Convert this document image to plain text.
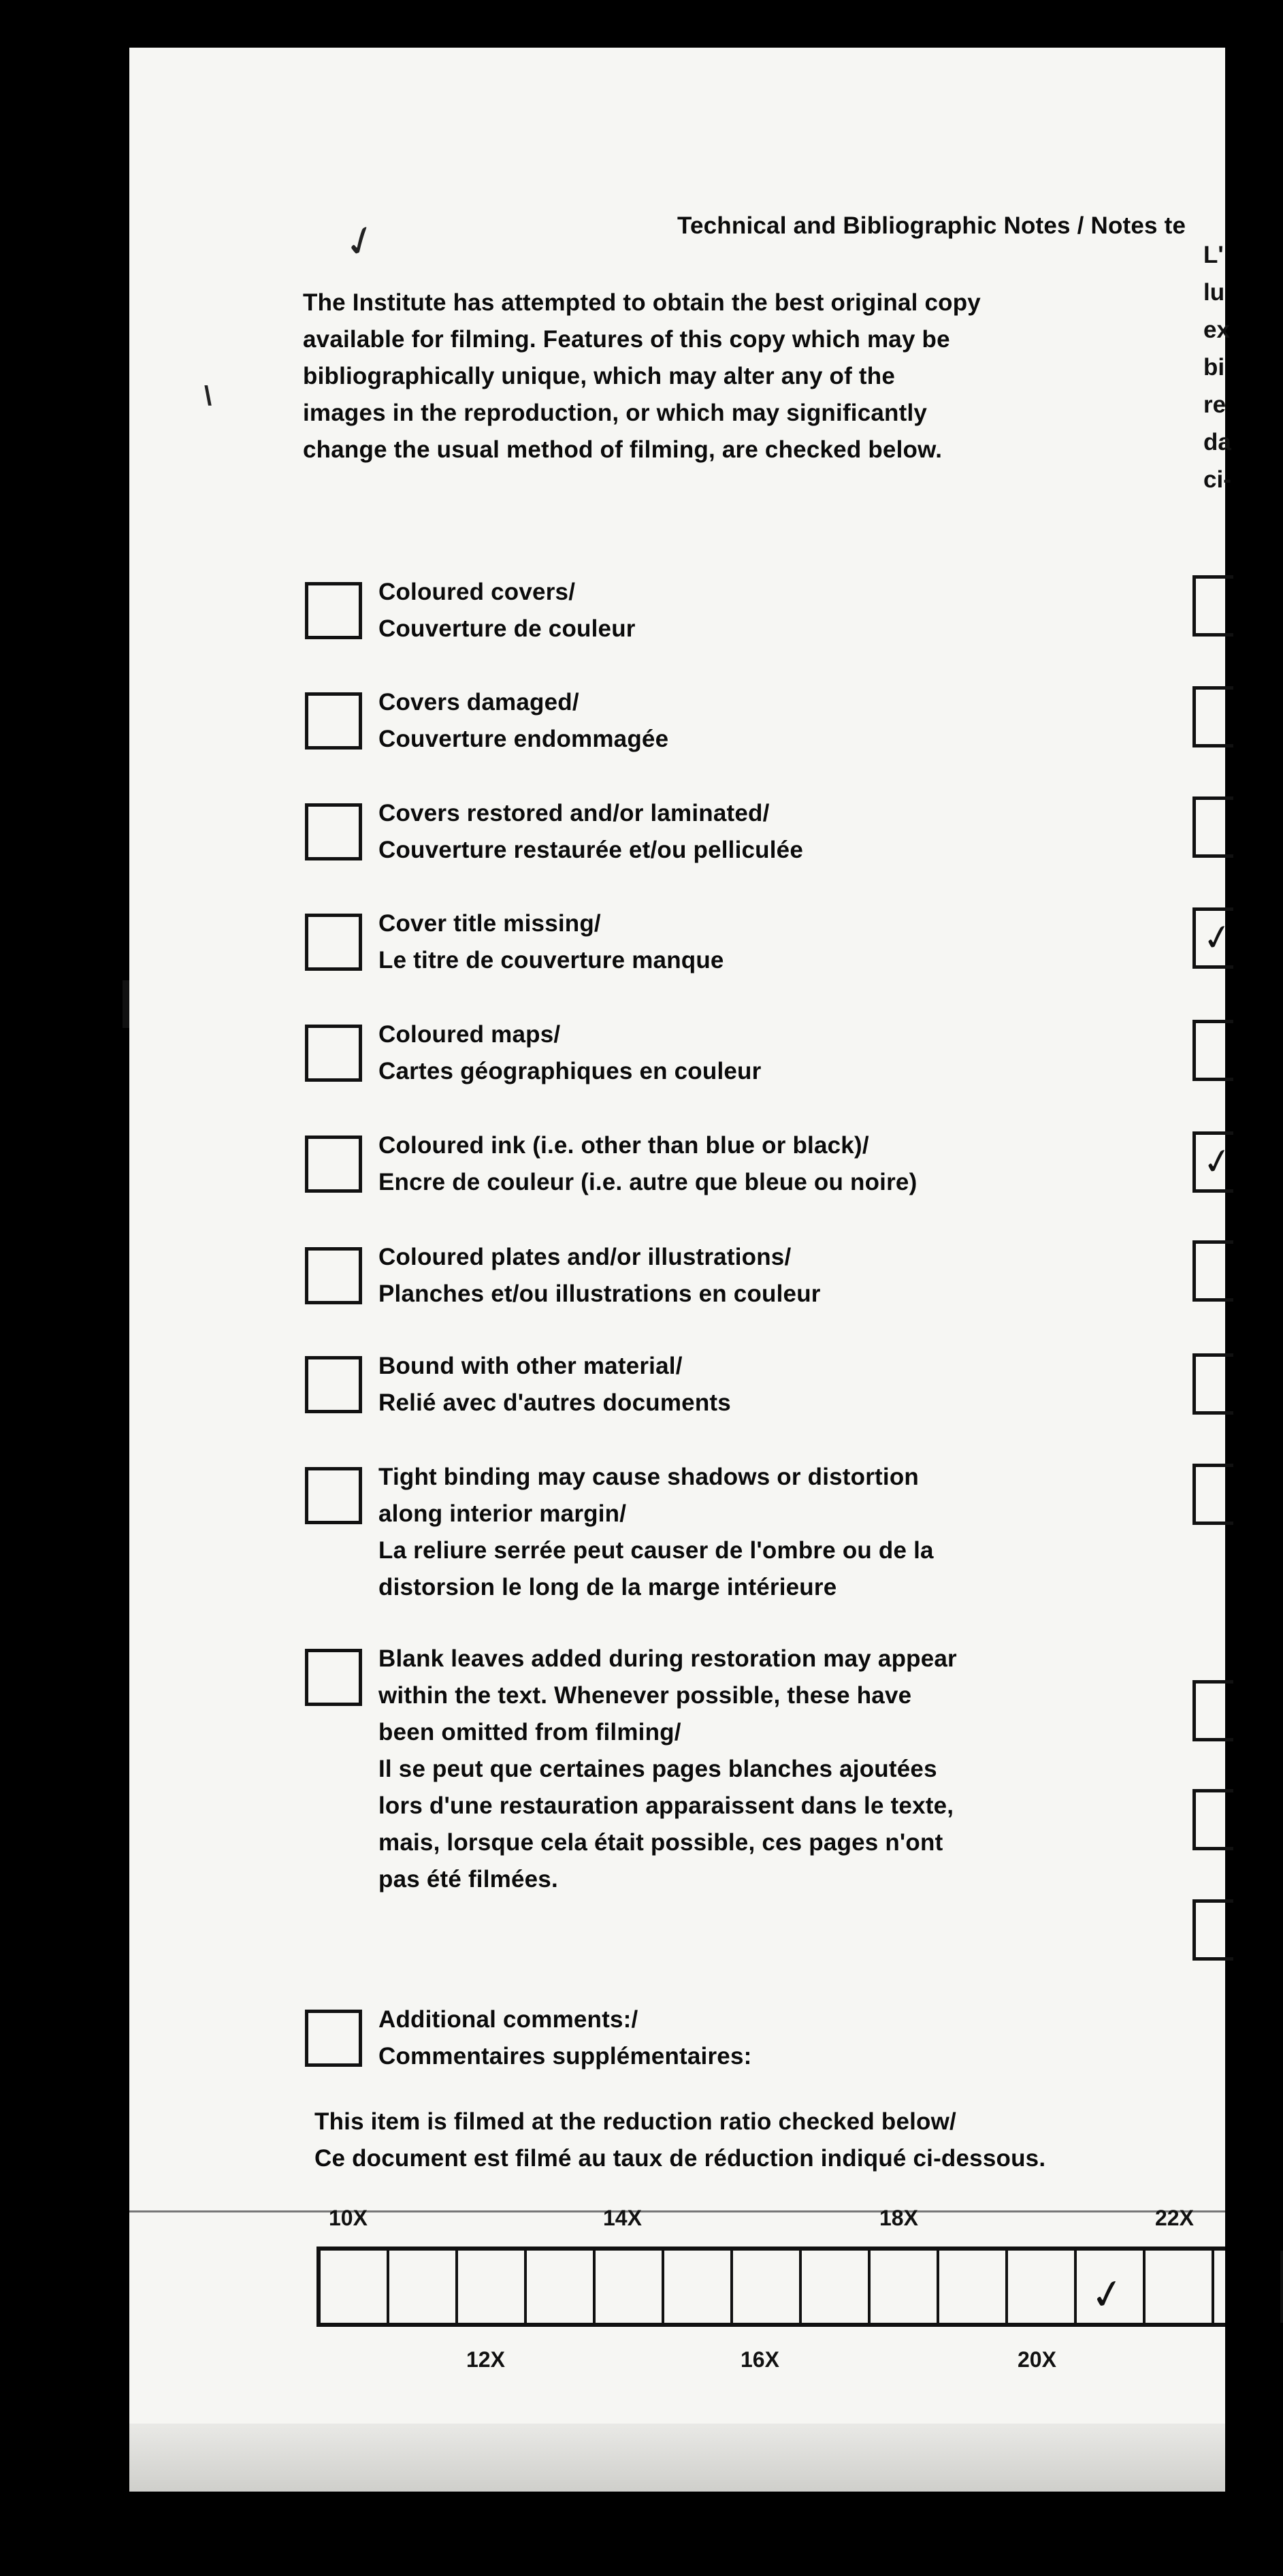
✓
\
Technical and Bibliographic Notes / Notes te
The Institute has attempted to obtain the best original copy available for filming. Features of this copy which may be bibliographically unique, which may alter any of the images in the reproduction, or which may significantly change the usual method of filming, are checked below.
L'
lu
ex
bi
re
da
ci-
Coloured covers/
Couverture de couleur
Covers damaged/
Couverture endommagée
Covers restored and/or laminated/
Couverture restaurée et/ou pelliculée
Cover title missing/
Le titre de couverture manque
Coloured maps/
Cartes géographiques en couleur
Coloured ink (i.e. other than blue or black)/
Encre de couleur (i.e. autre que bleue ou noire)
Coloured plates and/or illustrations/
Planches et/ou illustrations en couleur
Bound with other material/
Relié avec d'autres documents
Tight binding may cause shadows or distortion
along interior margin/
La reliure serrée peut causer de l'ombre ou de la
distorsion le long de la marge intérieure
Blank leaves added during restoration may appear
within the text. Whenever possible, these have
been omitted from filming/
Il se peut que certaines pages blanches ajoutées
lors d'une restauration apparaissent dans le texte,
mais, lorsque cela était possible, ces pages n'ont
pas été filmées.
Additional comments:/
Commentaires supplémentaires:
✓
✓
This item is filmed at the reduction ratio checked below/
Ce document est filmé au taux de réduction indiqué ci-dessous.
10X	14X	18X	22X
12X	16X	20X
✓
